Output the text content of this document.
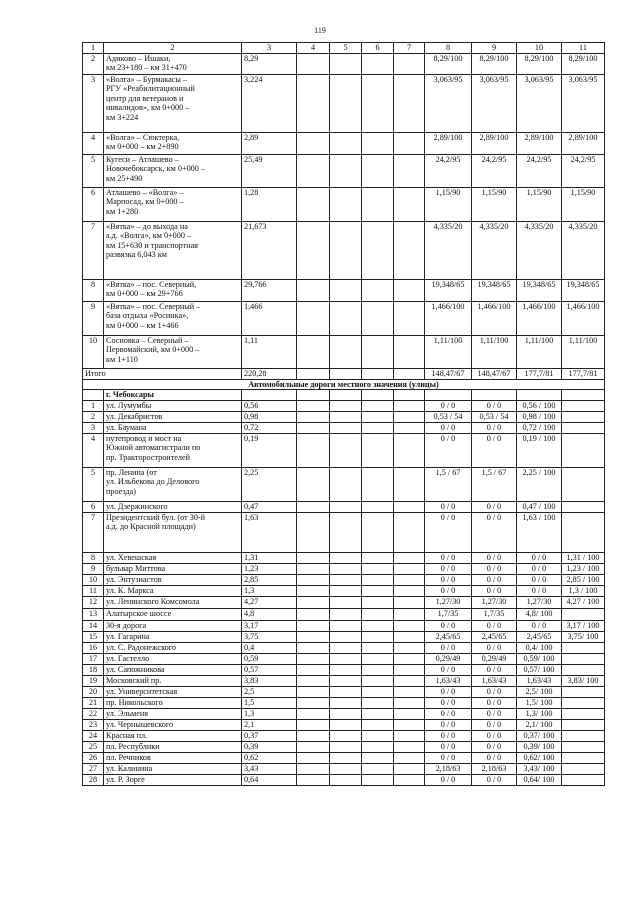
119
1	2	3	4	5	6	7	8	9	10	11
2	Адиково – Ишаки,
км 23+180 – км 31+470	8,29					8,29/100	8,29/100	8,29/100	8,29/100
3	«Волга» – Бурмакасы –
РГУ «Реабилитационный
центр для ветеранов и
инвалидов», км 0+000 –
км 3+224	3,224					3,063/95	3,063/95	3,063/95	3,063/95
4	«Волга» – Сюктерка,
км 0+000 – км 2+890	2,89					2,89/100	2,89/100	2,89/100	2,89/100
5	Кугеси – Атлашево –
Новочебоксарск, км 0+000 –
км 25+490	25,49					24,2/95	24,2/95	24,2/95	24,2/95
6	Атлашево – «Волга» –
Марпосад, км 0+000 –
км 1+280	1,28					1,15/90	1,15/90	1,15/90	1,15/90
7	«Вятка» – до выхода на
а.д. «Волга», км 0+000 –
км 15+630 и транспортная
развязка 6,043 км	21,673					4,335/20	4,335/20	4,335/20	4,335/20
8	«Вятка» – пос. Северный,
км 0+000 – км 29+766	29,766					19,348/65	19,348/65	19,348/65	19,348/65
9	«Вятка» – пос. Северный –
база отдыха «Росинка»,
км 0+000 – км 1+466	1,466					1,466/100	1,466/100	1,466/100	1,466/100
10	Сосновка – Северный –
Первомайский, км 0+000 –
км 1+110	1,11					1,11/100	1,11/100	1,11/100	1,11/100
Итого		220,28					148,47/67	148,47/67	177,7/81	177,7/81
Автомобильные дороги местного значения (улицы)										
	г. Чебоксары									
1	ул. Лумумбы	0,56					0 / 0	0 / 0	0,56 / 100	
2	ул. Декабристов	0,98					0,53 / 54	0,53 / 54	0,98 / 100	
3	ул. Баумана	0,72					0 / 0	0 / 0	0,72 / 100	
4	путепровод и мост на
Южной автомагистрали по
пр. Тракторостроителей	0,19					0 / 0	0 / 0	0,19 / 100	
5	пр. Ленина (от
ул. Ильбекова до Делового
проезда)	2,25					1,5 / 67	1,5 / 67	2,25 / 100	
6	ул. Дзержинского	0,47					0 / 0	0 / 0	0,47 / 100	
7	Президентский бул. (от 30-й
а.д. до Красной площади)	1,63					0 / 0	0 / 0	1,63 / 100	
8	ул. Хевешская	1,31					0 / 0	0 / 0	0 / 0	1,31 / 100
9	бульвар Миттова	1,23					0 / 0	0 / 0	0 / 0	1,23 / 100
10	ул. Энтузиастов	2,85					0 / 0	0 / 0	0 / 0	2,85 / 100
11	ул. К. Маркса	1,3					0 / 0	0 / 0	0 / 0	1,3 / 100
12	ул. Ленинского Комсомола	4,27					1,27/30	1,27/30	1,27/30	4,27 / 100
13	Алатырское шоссе	4,8					1,7/35	1,7/35	4,8/ 100	
14	30-я дорога	3,17					0 / 0	0 / 0	0 / 0	3,17 / 100
15	ул. Гагарина	3,75					2,45/65	2,45/65	2,45/65	3,75/ 100
16	ул. С. Радонежского	0,4					0 / 0	0 / 0	0,4/ 100	
17	ул. Гастелло	0,59					0,29/49	0,29/49	0,59/ 100	
18	ул. Сапожникова	0,57					0 / 0	0 / 0	0,57/ 100	
19	Московский пр.	3,83					1,63/43	1,63/43	1,63/43	3,83/ 100
20	ул. Университетская	2,5					0 / 0	0 / 0	2,5/ 100	
21	пр. Никольского	1,5					0 / 0	0 / 0	1,5/ 100	
22	ул. Эльменя	1,3					0 / 0	0 / 0	1,3/ 100	
23	ул. Чернышевского	2,1					0 / 0	0 / 0	2,1/ 100	
24	Красная пл.	0,37					0 / 0	0 / 0	0,37/ 100	
25	пл. Республики	0,39					0 / 0	0 / 0	0,39/ 100	
26	пл. Речников	0,62					0 / 0	0 / 0	0,62/ 100	
27	ул. Калинина	3,43					2,18/63	2,18/63	3,43/ 100	
28	ул. Р. Зорге	0,64					0 / 0	0 / 0	0,64/ 100	
